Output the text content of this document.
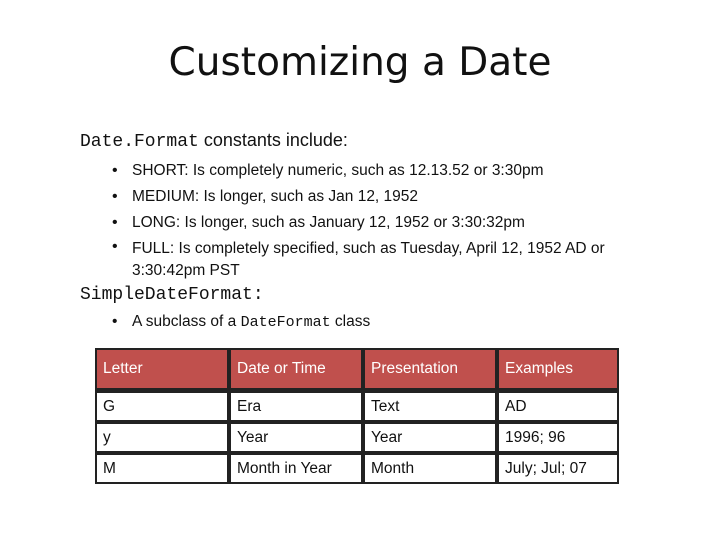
Customizing a Date
Date.Format constants include:
• SHORT: Is completely numeric, such as 12.13.52 or 3:30pm
• MEDIUM: Is longer, such as Jan 12, 1952
• LONG: Is longer, such as January 12, 1952 or 3:30:32pm
• FULL: Is completely specified, such as Tuesday, April 12, 1952 AD or 3:30:42pm PST
SimpleDateFormat:
• A subclass of a DateFormat class
Letter	Date or Time	Presentation	Examples
G	Era	Text	AD
y	Year	Year	1996; 96
M	Month in Year	Month	July; Jul; 07
